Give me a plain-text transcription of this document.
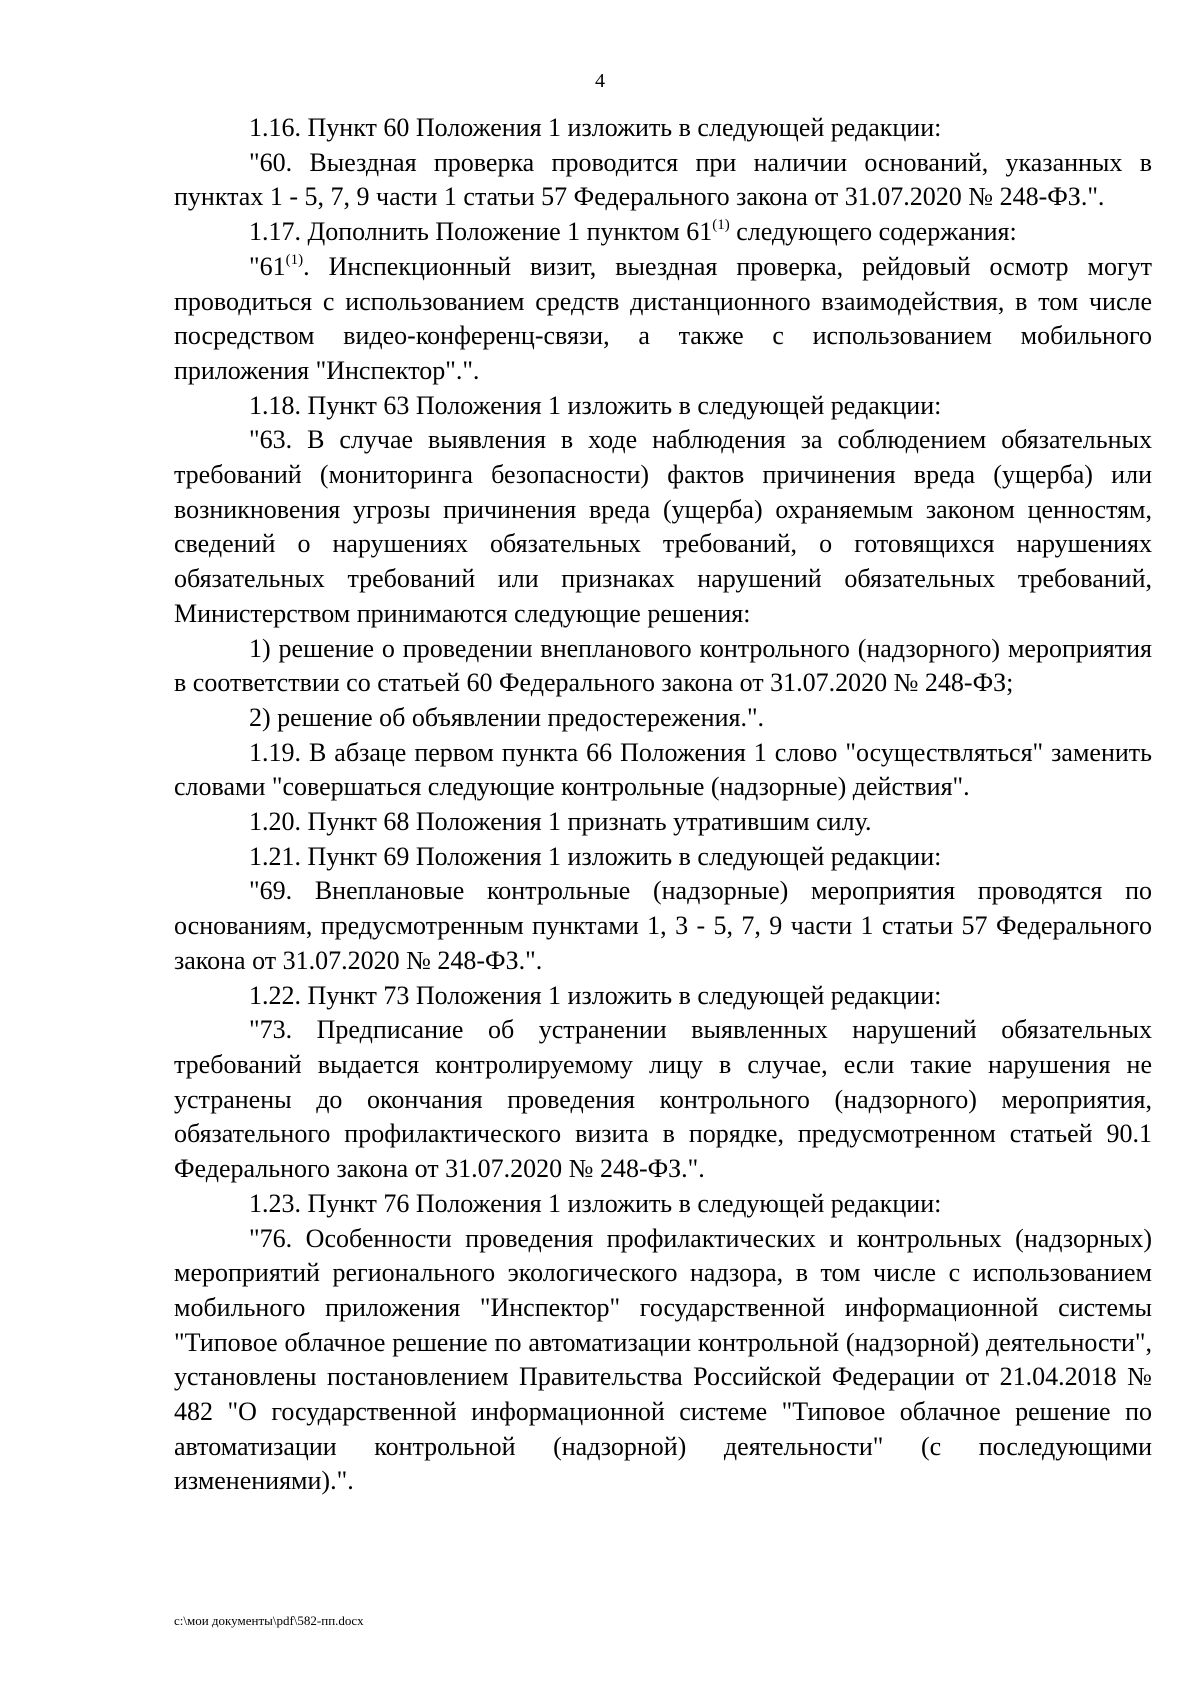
4

1.16. Пункт 60 Положения 1 изложить в следующей редакции:

"60. Выездная проверка проводится при наличии оснований, указанных в пунктах 1 - 5, 7, 9 части 1 статьи 57 Федерального закона от 31.07.2020 № 248-ФЗ.".

1.17. Дополнить Положение 1 пунктом 61$^{(1)}$ следующего содержания:

"61$^{(1)}$. Инспекционный визит, выездная проверка, рейдовый осмотр могут проводиться с использованием средств дистанционного взаимодействия, в том числе посредством видео-конференц-связи, а также с использованием мобильного приложения "Инспектор".".

1.18. Пункт 63 Положения 1 изложить в следующей редакции:

"63. В случае выявления в ходе наблюдения за соблюдением обязательных требований (мониторинга безопасности) фактов причинения вреда (ущерба) или возникновения угрозы причинения вреда (ущерба) охраняемым законом ценностям, сведений о нарушениях обязательных требований, о готовящихся нарушениях обязательных требований или признаках нарушений обязательных требований, Министерством принимаются следующие решения:

1) решение о проведении внепланового контрольного (надзорного) мероприятия в соответствии со статьей 60 Федерального закона от 31.07.2020 № 248-ФЗ;

2) решение об объявлении предостережения.".

1.19. В абзаце первом пункта 66 Положения 1 слово "осуществляться" заменить словами "совершаться следующие контрольные (надзорные) действия".

1.20. Пункт 68 Положения 1 признать утратившим силу.

1.21. Пункт 69 Положения 1 изложить в следующей редакции:

"69. Внеплановые контрольные (надзорные) мероприятия проводятся по основаниям, предусмотренным пунктами 1, 3 - 5, 7, 9 части 1 статьи 57 Федерального закона от 31.07.2020 № 248-ФЗ.".

1.22. Пункт 73 Положения 1 изложить в следующей редакции:

"73. Предписание об устранении выявленных нарушений обязательных требований выдается контролируемому лицу в случае, если такие нарушения не устранены до окончания проведения контрольного (надзорного) мероприятия, обязательного профилактического визита в порядке, предусмотренном статьей 90.1 Федерального закона от 31.07.2020 № 248-ФЗ.".

1.23. Пункт 76 Положения 1 изложить в следующей редакции:

"76. Особенности проведения профилактических и контрольных (надзорных) мероприятий регионального экологического надзора, в том числе с использованием мобильного приложения "Инспектор" государственной информационной системы "Типовое облачное решение по автоматизации контрольной (надзорной) деятельности", установлены постановлением Правительства Российской Федерации от 21.04.2018 № 482 "О государственной информационной системе "Типовое облачное решение по автоматизации контрольной (надзорной) деятельности" (с последующими изменениями).".

c:\мои документы\pdf\582-пп.docx
